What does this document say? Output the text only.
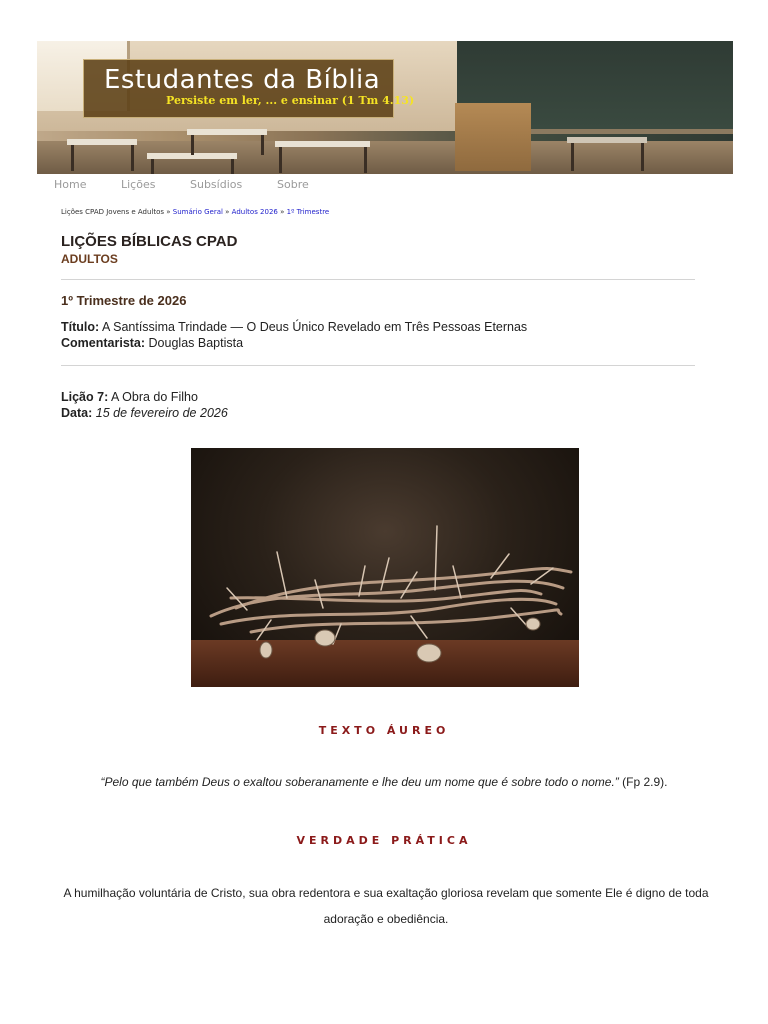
Estudantes da Bíblia
Persiste em ler, ... e ensinar (1 Tm 4.13)
Home	Lições	Subsídios	Sobre
Lições CPAD Jovens e Adultos » Sumário Geral » Adultos 2026 » 1º Trimestre
LIÇÕES BÍBLICAS CPAD
ADULTOS
1º Trimestre de 2026
Título: A Santíssima Trindade — O Deus Único Revelado em Três Pessoas Eternas
Comentarista: Douglas Baptista
Lição 7: A Obra do Filho
Data: 15 de fevereiro de 2026
TEXTO ÁUREO
“Pelo que também Deus o exaltou soberanamente e lhe deu um nome que é sobre todo o nome.” (Fp 2.9).
VERDADE PRÁTICA
A humilhação voluntária de Cristo, sua obra redentora e sua exaltação gloriosa revelam que somente Ele é digno de toda adoração e obediência.
